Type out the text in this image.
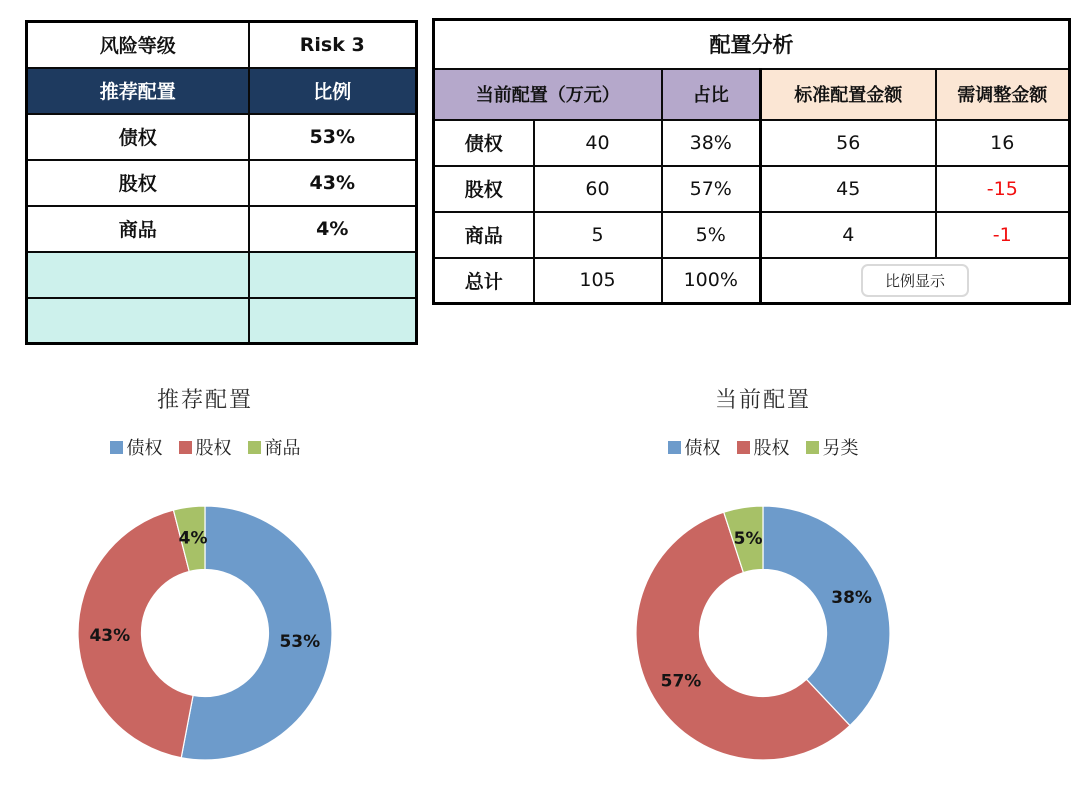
风险等级	Risk 3
推荐配置	比例
债权	53%
股权	43%
商品	4%

配置分析				
当前配置（万元）		占比	标准配置金额	需调整金额
债权	40	38%	56	16
股权	60	57%	45	-15
商品	5	5%	4	-1
总计	105	100%	比例显示	
推荐配置
债权 股权 商品
53%
43%
4%
当前配置
债权 股权 另类
38%
57%
5%
